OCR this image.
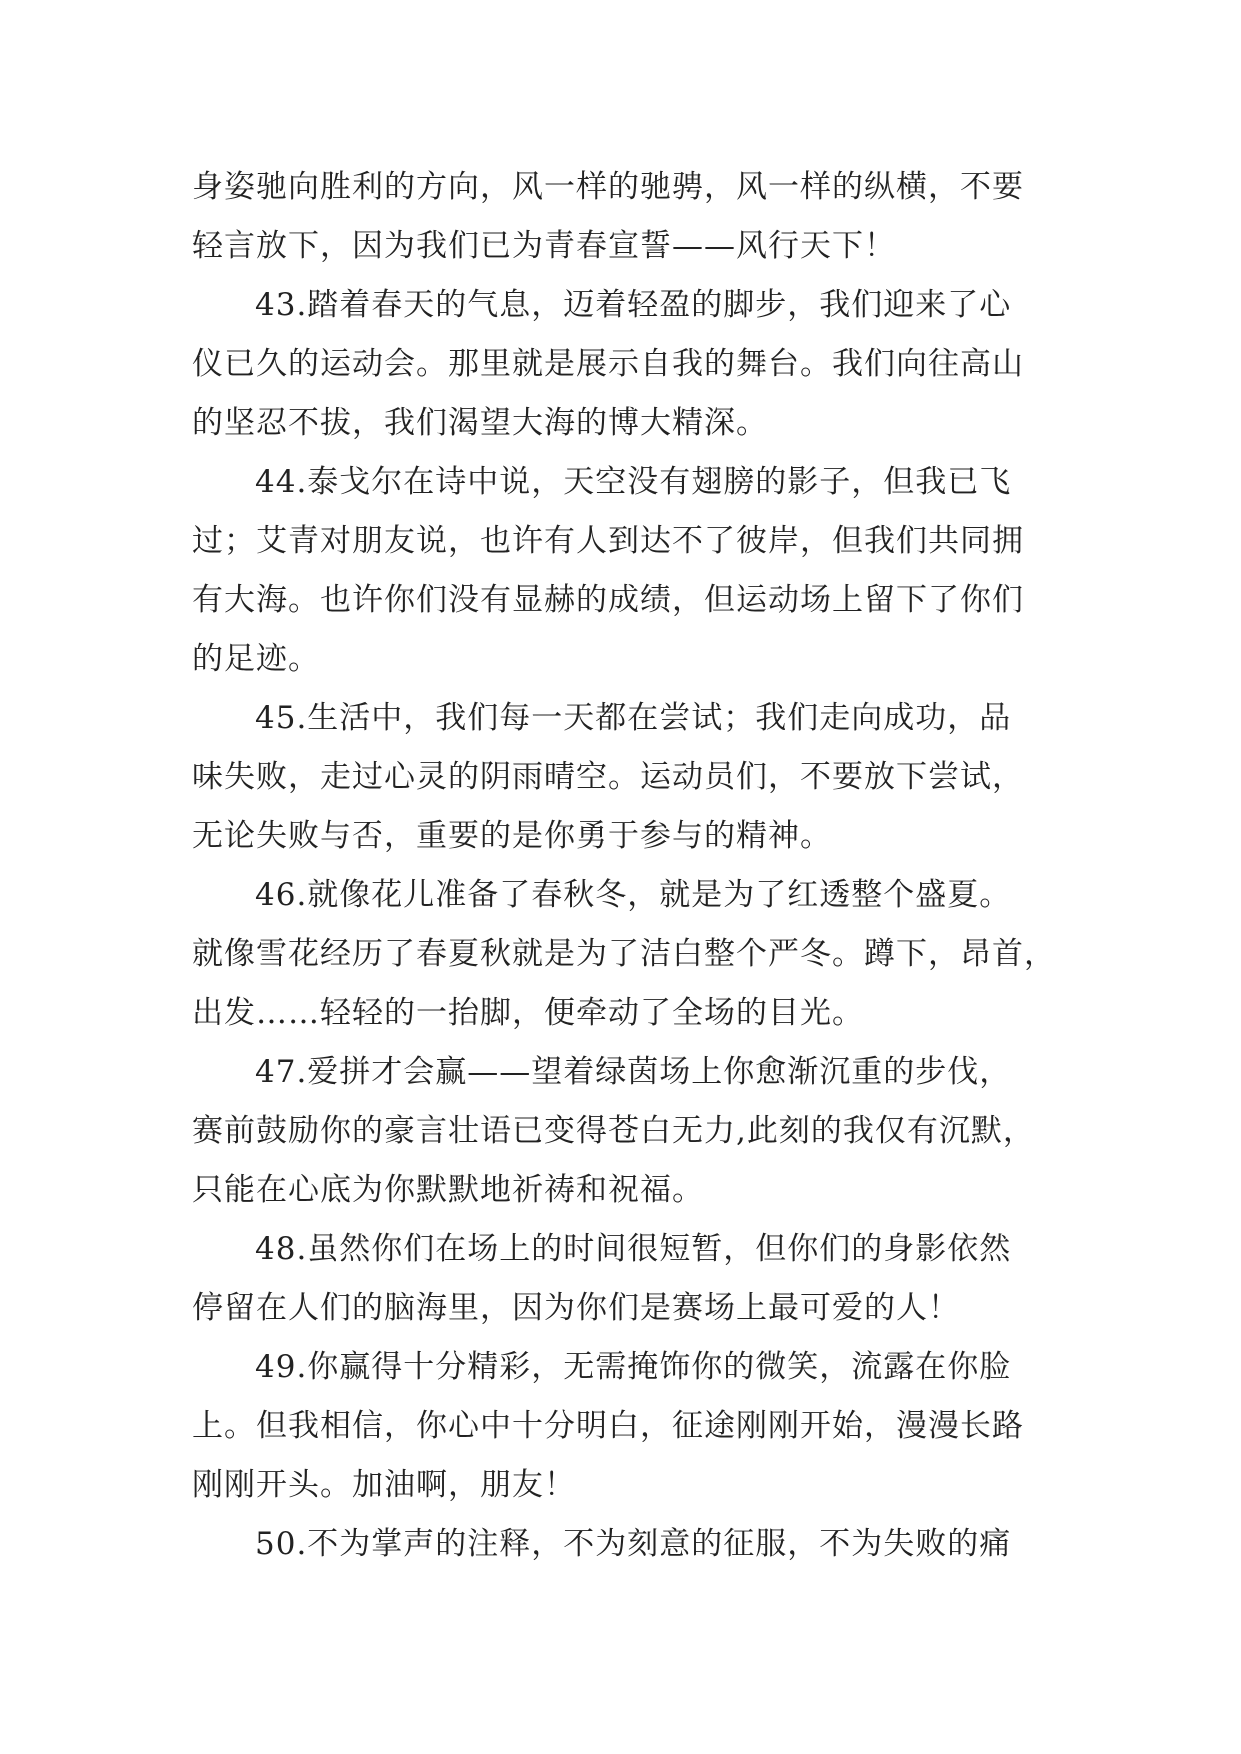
身姿驰向胜利的方向，风一样的驰骋，风一样的纵横，不要
轻言放下，因为我们已为青春宣誓——风行天下！
43.踏着春天的气息，迈着轻盈的脚步，我们迎来了心
仪已久的运动会。那里就是展示自我的舞台。我们向往高山
的坚忍不拔，我们渴望大海的博大精深。
44.泰戈尔在诗中说，天空没有翅膀的影子，但我已飞
过；艾青对朋友说，也许有人到达不了彼岸，但我们共同拥
有大海。也许你们没有显赫的成绩，但运动场上留下了你们
的足迹。
45.生活中，我们每一天都在尝试；我们走向成功，品
味失败，走过心灵的阴雨晴空。运动员们，不要放下尝试，
无论失败与否，重要的是你勇于参与的精神。
46.就像花儿准备了春秋冬，就是为了红透整个盛夏。
就像雪花经历了春夏秋就是为了洁白整个严冬。蹲下，昂首，
出发……轻轻的一抬脚，便牵动了全场的目光。
47.爱拼才会赢——望着绿茵场上你愈渐沉重的步伐，
赛前鼓励你的豪言壮语已变得苍白无力,此刻的我仅有沉默，
只能在心底为你默默地祈祷和祝福。
48.虽然你们在场上的时间很短暂，但你们的身影依然
停留在人们的脑海里，因为你们是赛场上最可爱的人！
49.你赢得十分精彩，无需掩饰你的微笑，流露在你脸
上。但我相信，你心中十分明白，征途刚刚开始，漫漫长路
刚刚开头。加油啊，朋友！
50.不为掌声的注释，不为刻意的征服，不为失败的痛
